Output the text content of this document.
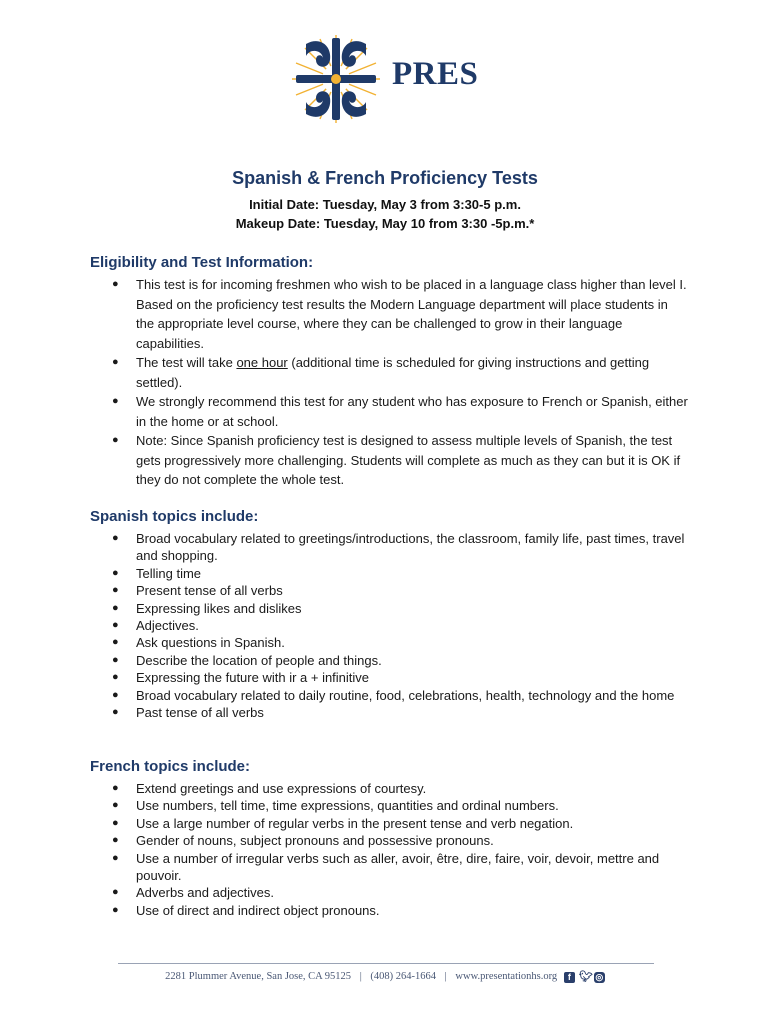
PRES
Spanish & French Proficiency Tests
Initial Date: Tuesday, May 3 from 3:30-5 p.m.
Makeup Date: Tuesday, May 10 from 3:30 -5p.m.*
Eligibility and Test Information:
● This test is for incoming freshmen who wish to be placed in a language class higher than level I. Based on the proficiency test results the Modern Language department will place students in the appropriate level course, where they can be challenged to grow in their language capabilities.
● The test will take one hour (additional time is scheduled for giving instructions and getting settled).
● We strongly recommend this test for any student who has exposure to French or Spanish, either in the home or at school.
● Note: Since Spanish proficiency test is designed to assess multiple levels of Spanish, the test gets progressively more challenging. Students will complete as much as they can but it is OK if they do not complete the whole test.
Spanish topics include:
● Broad vocabulary related to greetings/introductions, the classroom, family life, past times, travel and shopping.
● Telling time
● Present tense of all verbs
● Expressing likes and dislikes
● Adjectives.
● Ask questions in Spanish.
● Describe the location of people and things.
● Expressing the future with ir a + infinitive
● Broad vocabulary related to daily routine, food, celebrations, health, technology and the home
● Past tense of all verbs
French topics include:
● Extend greetings and use expressions of courtesy.
● Use numbers, tell time, time expressions, quantities and ordinal numbers.
● Use a large number of regular verbs in the present tense and verb negation.
● Gender of nouns, subject pronouns and possessive pronouns.
● Use a number of irregular verbs such as aller, avoir, être, dire, faire, voir, devoir, mettre and pouvoir.
● Adverbs and adjectives.
● Use of direct and indirect object pronouns.
2281 Plummer Avenue, San Jose, CA 95125 | (408) 264-1664 | www.presentationhs.org f 🐦︎ ◎
